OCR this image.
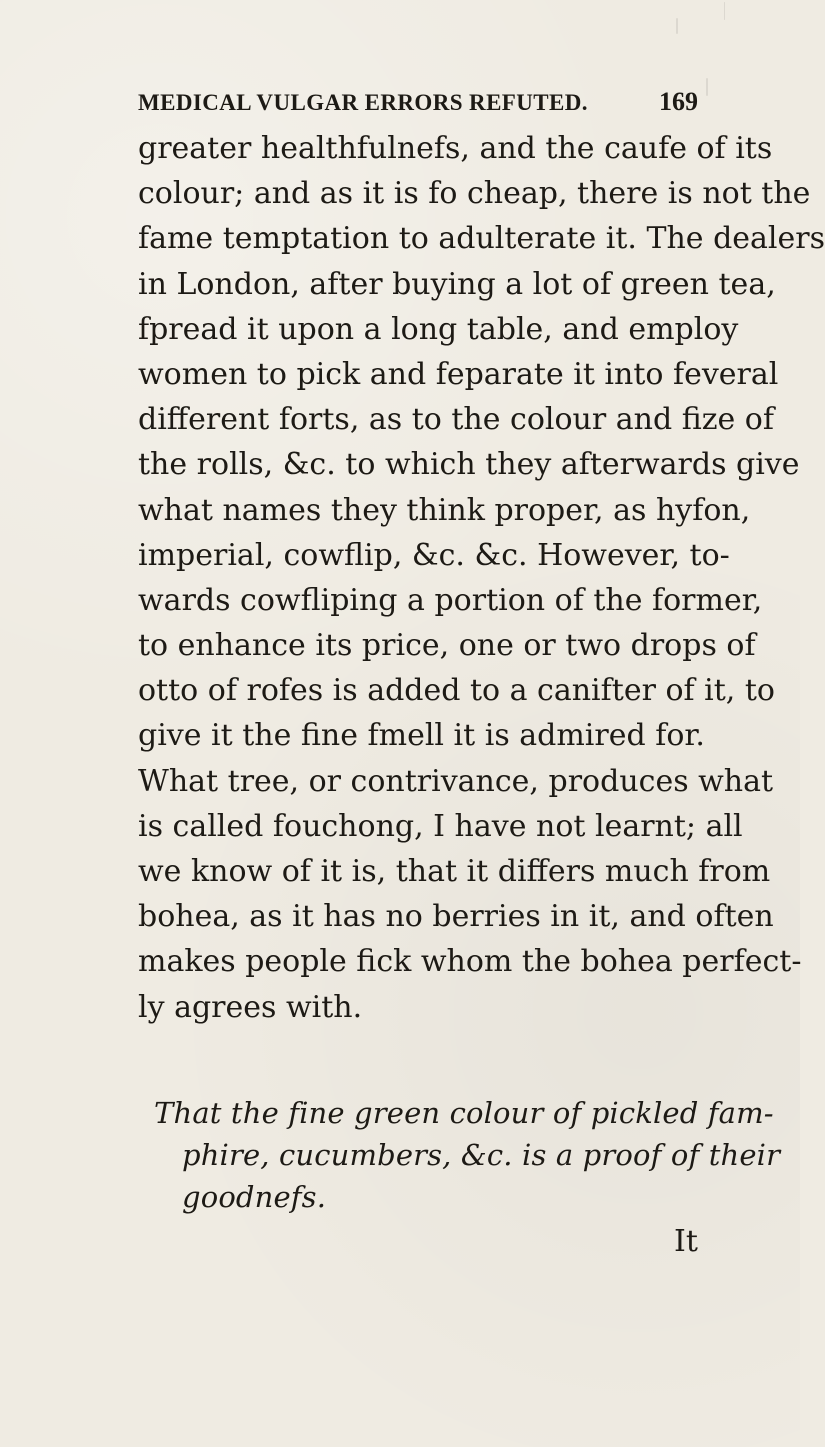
MEDICAL VULGAR ERRORS REFUTED.	169
greater healthfulnefs, and the caufe of its
colour; and as it is fo cheap, there is not the
fame temptation to adulterate it. The dealers
in London, after buying a lot of green tea,
fpread it upon a long table, and employ
women to pick and feparate it into feveral
different forts, as to the colour and fize of
the rolls, &c. to which they afterwards give
what names they think proper, as hyfon,
imperial, cowflip, &c. &c. However, to-
wards cowfliping a portion of the former,
to enhance its price, one or two drops of
otto of rofes is added to a canifter of it, to
give it the fine fmell it is admired for.
What tree, or contrivance, produces what
is called fouchong, I have not learnt; all
we know of it is, that it differs much from
bohea, as it has no berries in it, and often
makes people fick whom the bohea perfect-
ly agrees with.
That the fine green colour of pickled fam-
phire, cucumbers, &c. is a proof of their
goodnefs.
It
